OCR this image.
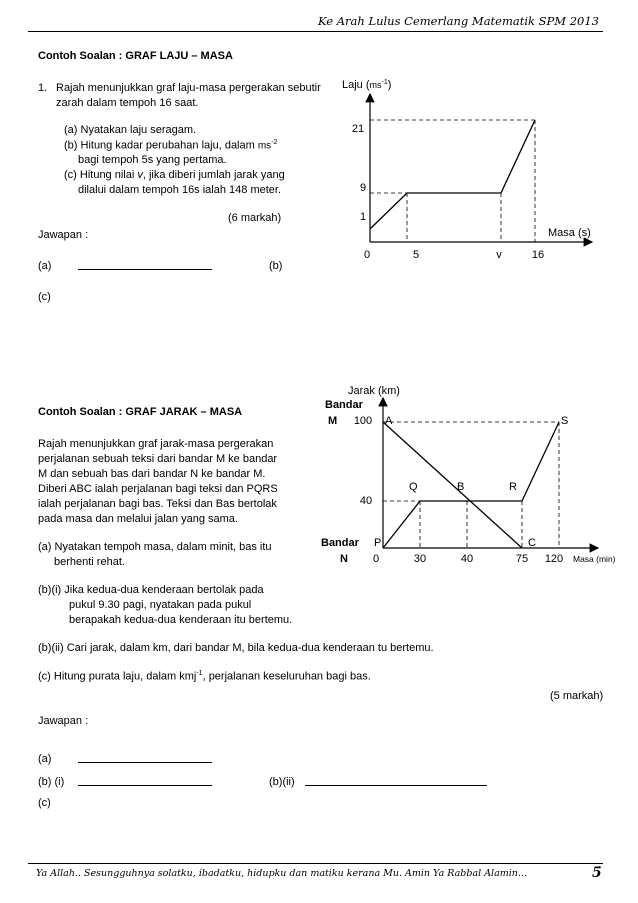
Ke Arah Lulus Cemerlang Matematik SPM 2013
Contoh Soalan : GRAF LAJU – MASA
1. Rajah menunjukkan graf laju-masa pergerakan sebutir
zarah dalam tempoh 16 saat.
(a) Nyatakan laju seragam.
(b) Hitung kadar perubahan laju, dalam $ms^{-2}$
bagi tempoh 5s yang pertama.
(c) Hitung nilai v, jika diberi jumlah jarak yang
dilalui dalam tempoh 16s ialah 148 meter.
(6 markah)
Jawapan :
(a)	(b)
(c)
Laju $(ms^{-1})$
Masa (s)
21
9
1
0	5	v	16
Contoh Soalan : GRAF JARAK – MASA
Rajah menunjukkan graf jarak-masa pergerakan
perjalanan sebuah teksi dari bandar M ke bandar
M dan sebuah bas dari bandar N ke bandar M.
Diberi ABC ialah perjalanan bagi teksi dan PQRS
ialah perjalanan bagi bas. Teksi dan Bas bertolak
pada masa dan melalui jalan yang sama.
(a) Nyatakan tempoh masa, dalam minit, bas itu
berhenti rehat.
(b)(i) Jika kedua-dua kenderaan bertolak pada
pukul 9.30 pagi, nyatakan pada pukul
berapakah kedua-dua kenderaan itu bertemu.
(b)(ii) Cari jarak, dalam km, dari bandar M, bila kedua-dua kenderaan tu bertemu.
(c) Hitung purata laju, dalam kmj$^{-1}$, perjalanan keseluruhan bagi bas.
(5 markah)
Jawapan :
(a)
(b) (i)	(b)(ii)
(c)
Jarak (km)
Bandar
M 100
40
Bandar
N 0	30	40	75 120 Masa (min)
A	S
Q	B	R
P	C
Ya Allah.. Sesungguhnya solatku, ibadatku, hidupku dan matiku kerana Mu. Amin Ya Rabbal Alamin…	5
